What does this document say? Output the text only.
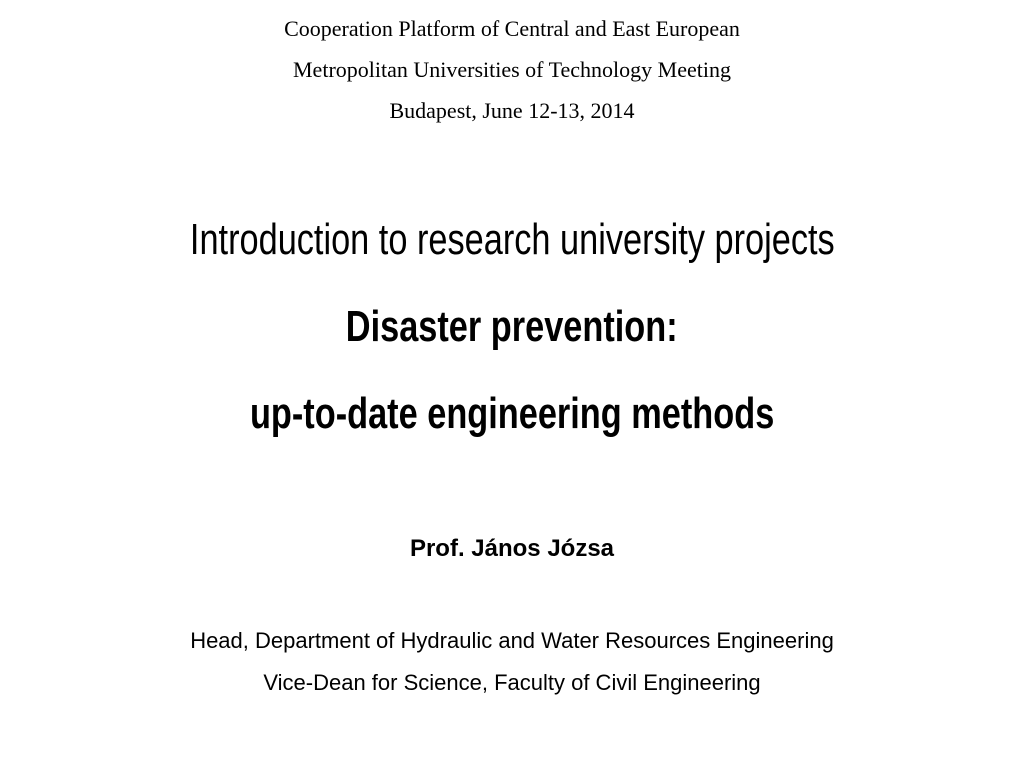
Cooperation Platform of Central and East European
Metropolitan Universities of Technology Meeting
Budapest, June 12-13, 2014
Introduction to research university projects
Disaster prevention:
up-to-date engineering methods
Prof. János Józsa
Head, Department of Hydraulic and Water Resources Engineering
Vice-Dean for Science, Faculty of Civil Engineering
